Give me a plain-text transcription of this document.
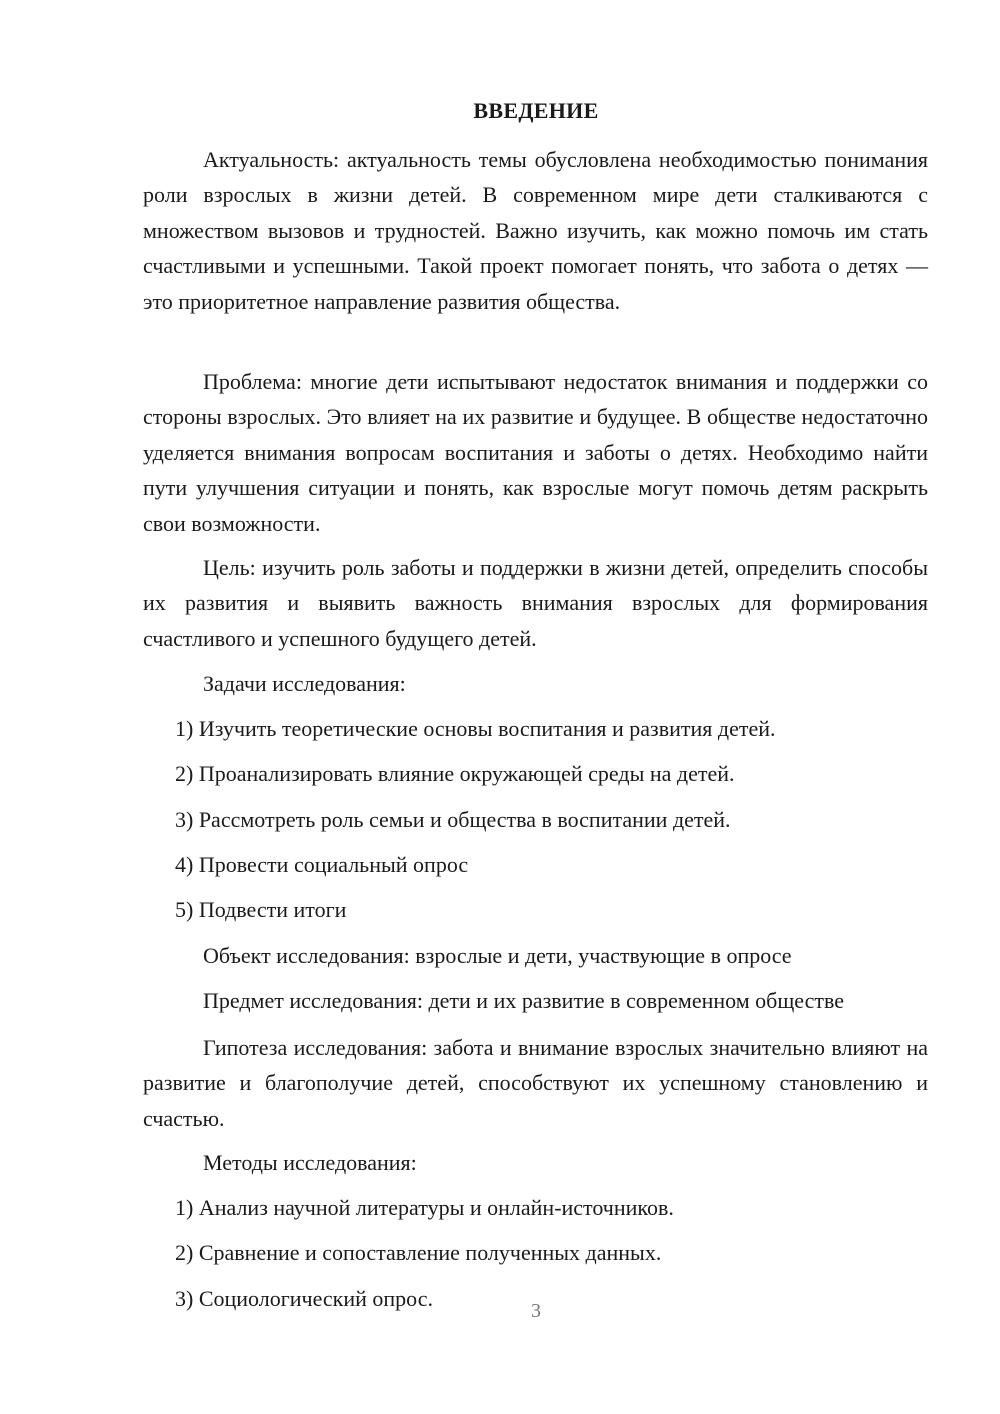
ВВЕДЕНИЕ

Актуальность: актуальность темы обусловлена необходимостью понимания роли взрослых в жизни детей. В современном мире дети сталкиваются с множеством вызовов и трудностей. Важно изучить, как можно помочь им стать счастливыми и успешными. Такой проект помогает понять, что забота о детях — это приоритетное направление развития общества.

Проблема: многие дети испытывают недостаток внимания и поддержки со стороны взрослых. Это влияет на их развитие и будущее. В обществе недостаточно уделяется внимания вопросам воспитания и заботы о детях. Необходимо найти пути улучшения ситуации и понять, как взрослые могут помочь детям раскрыть свои возможности.

Цель: изучить роль заботы и поддержки в жизни детей, определить способы их развития и выявить важность внимания взрослых для формирования счастливого и успешного будущего детей.

Задачи исследования:

1) Изучить теоретические основы воспитания и развития детей.

2) Проанализировать влияние окружающей среды на детей.

3) Рассмотреть роль семьи и общества в воспитании детей.

4) Провести социальный опрос

5) Подвести итоги

Объект исследования: взрослые и дети, участвующие в опросе

Предмет исследования: дети и их развитие в современном обществе

Гипотеза исследования: забота и внимание взрослых значительно влияют на развитие и благополучие детей, способствуют их успешному становлению и счастью.

Методы исследования:

1) Анализ научной литературы и онлайн-источников.

2) Сравнение и сопоставление полученных данных.

3) Социологический опрос.	3
